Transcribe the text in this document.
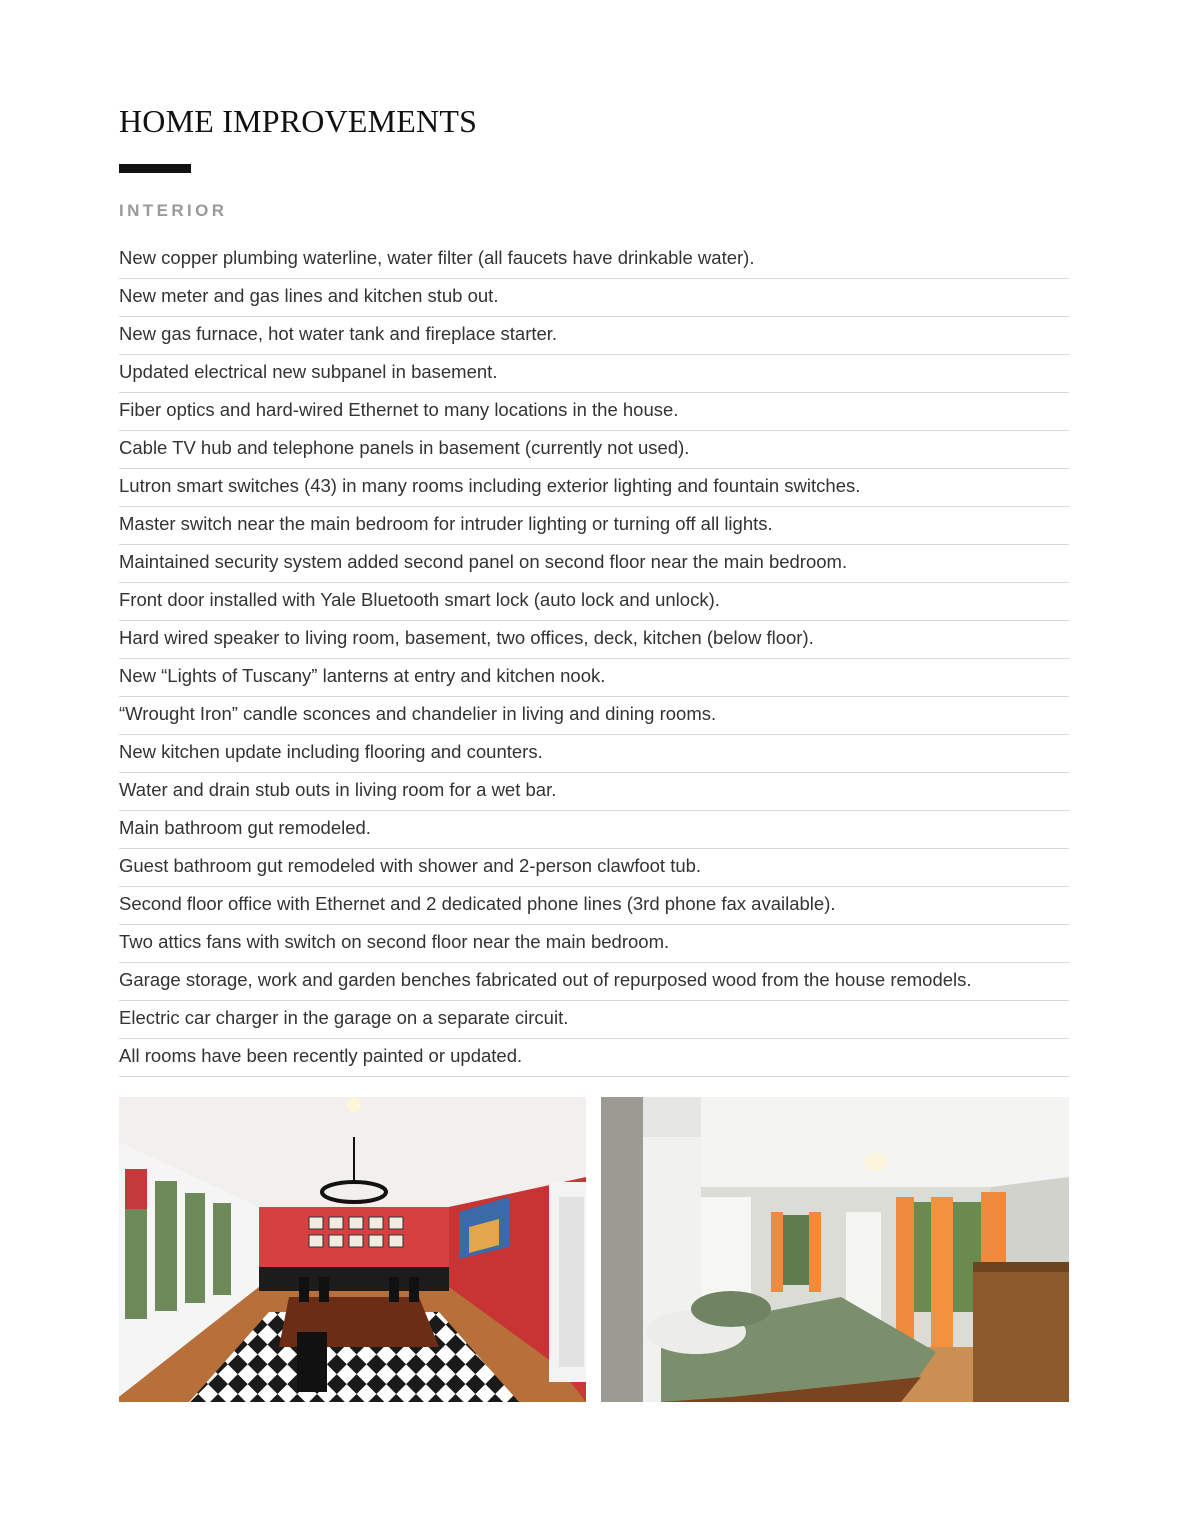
HOME IMPROVEMENTS
INTERIOR
New copper plumbing waterline, water filter (all faucets have drinkable water).
New meter and gas lines and kitchen stub out.
New gas furnace, hot water tank and fireplace starter.
Updated electrical new subpanel in basement.
Fiber optics and hard-wired Ethernet to many locations in the house.
Cable TV hub and telephone panels in basement (currently not used).
Lutron smart switches (43) in many rooms including exterior lighting and fountain switches.
Master switch near the main bedroom for intruder lighting or turning off all lights.
Maintained security system added second panel on second floor near the main bedroom.
Front door installed with Yale Bluetooth smart lock (auto lock and unlock).
Hard wired speaker to living room, basement, two offices, deck, kitchen (below floor).
New “Lights of Tuscany” lanterns at entry and kitchen nook.
“Wrought Iron” candle sconces and chandelier in living and dining rooms.
New kitchen update including flooring and counters.
Water and drain stub outs in living room for a wet bar.
Main bathroom gut remodeled.
Guest bathroom gut remodeled with shower and 2-person clawfoot tub.
Second floor office with Ethernet and 2 dedicated phone lines (3rd phone fax available).
Two attics fans with switch on second floor near the main bedroom.
Garage storage, work and garden benches fabricated out of repurposed wood from the house remodels.
Electric car charger in the garage on a separate circuit.
All rooms have been recently painted or updated.
